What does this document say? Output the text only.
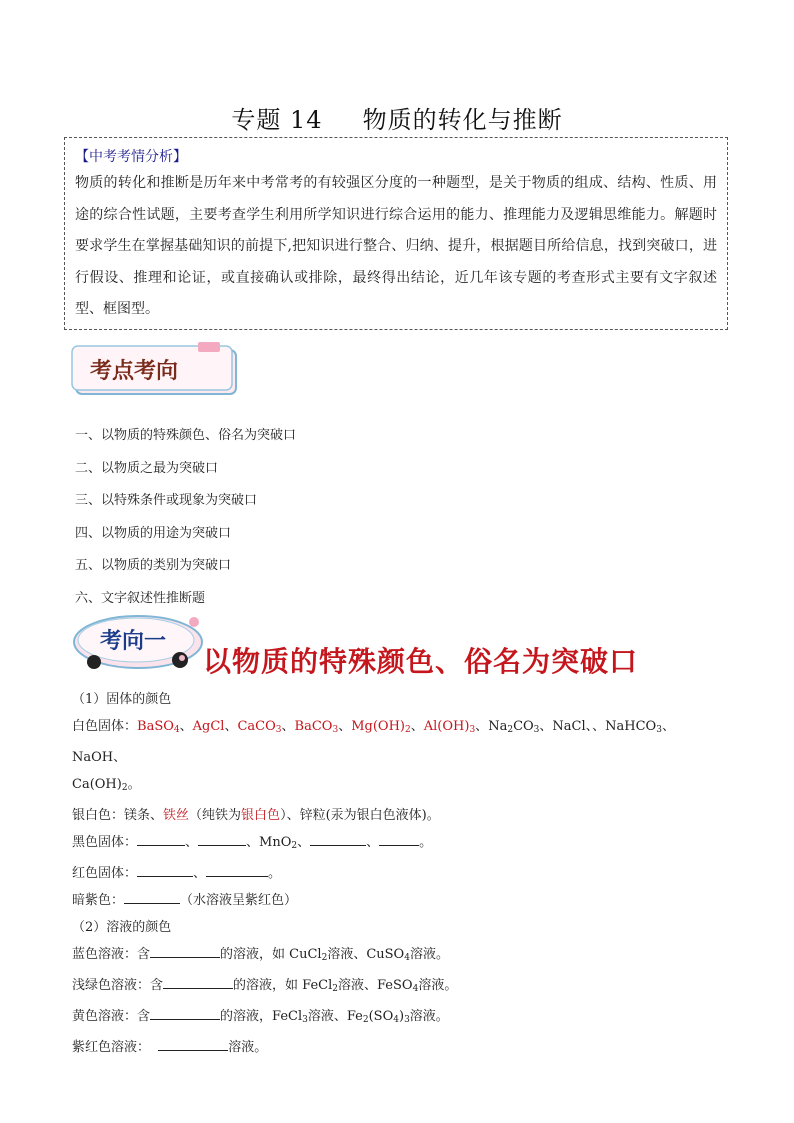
专题 14 物质的转化与推断
【中考考情分析】
物质的转化和推断是历年来中考常考的有较强区分度的一种题型，是关于物质的组成、结构、性质、用途的综合性试题，主要考查学生利用所学知识进行综合运用的能力、推理能力及逻辑思维能力。解题时要求学生在掌握基础知识的前提下,把知识进行整合、归纳、提升，根据题目所给信息，找到突破口，进行假设、推理和论证，或直接确认或排除，最终得出结论，近几年该专题的考查形式主要有文字叙述型、框图型。
考点考向
一、以物质的特殊颜色、俗名为突破口
二、以物质之最为突破口
三、以特殊条件或现象为突破口
四、以物质的用途为突破口
五、以物质的类别为突破口
六、文字叙述性推断题
考向一
以物质的特殊颜色、俗名为突破口
（1）固体的颜色
白色固体：BaSO$_4$、AgCl、CaCO$_3$、BaCO$_3$、$Mg(OH)_2$、$Al(OH)_3$、$Na_2CO_3$、NaCl、、NaHCO$_3$、NaOH、
$Ca(OH)_2$。
银白色：镁条、铁丝（纯铁为银白色）、锌粒(汞为银白色液体)。
黑色固体：	、	、MnO$_2$、	、	。
红色固体：	、	。
暗紫色：	（水溶液呈紫红色）
（2）溶液的颜色
蓝色溶液：含	的溶液，如 CuCl$_2$溶液、CuSO$_4$溶液。
浅绿色溶液：含	的溶液，如 FeCl$_2$溶液、FeSO$_4$溶液。
黄色溶液：含	的溶液，FeCl$_3$溶液、$Fe_2(SO_4)_3$溶液。
紫红色溶液：	溶液。
